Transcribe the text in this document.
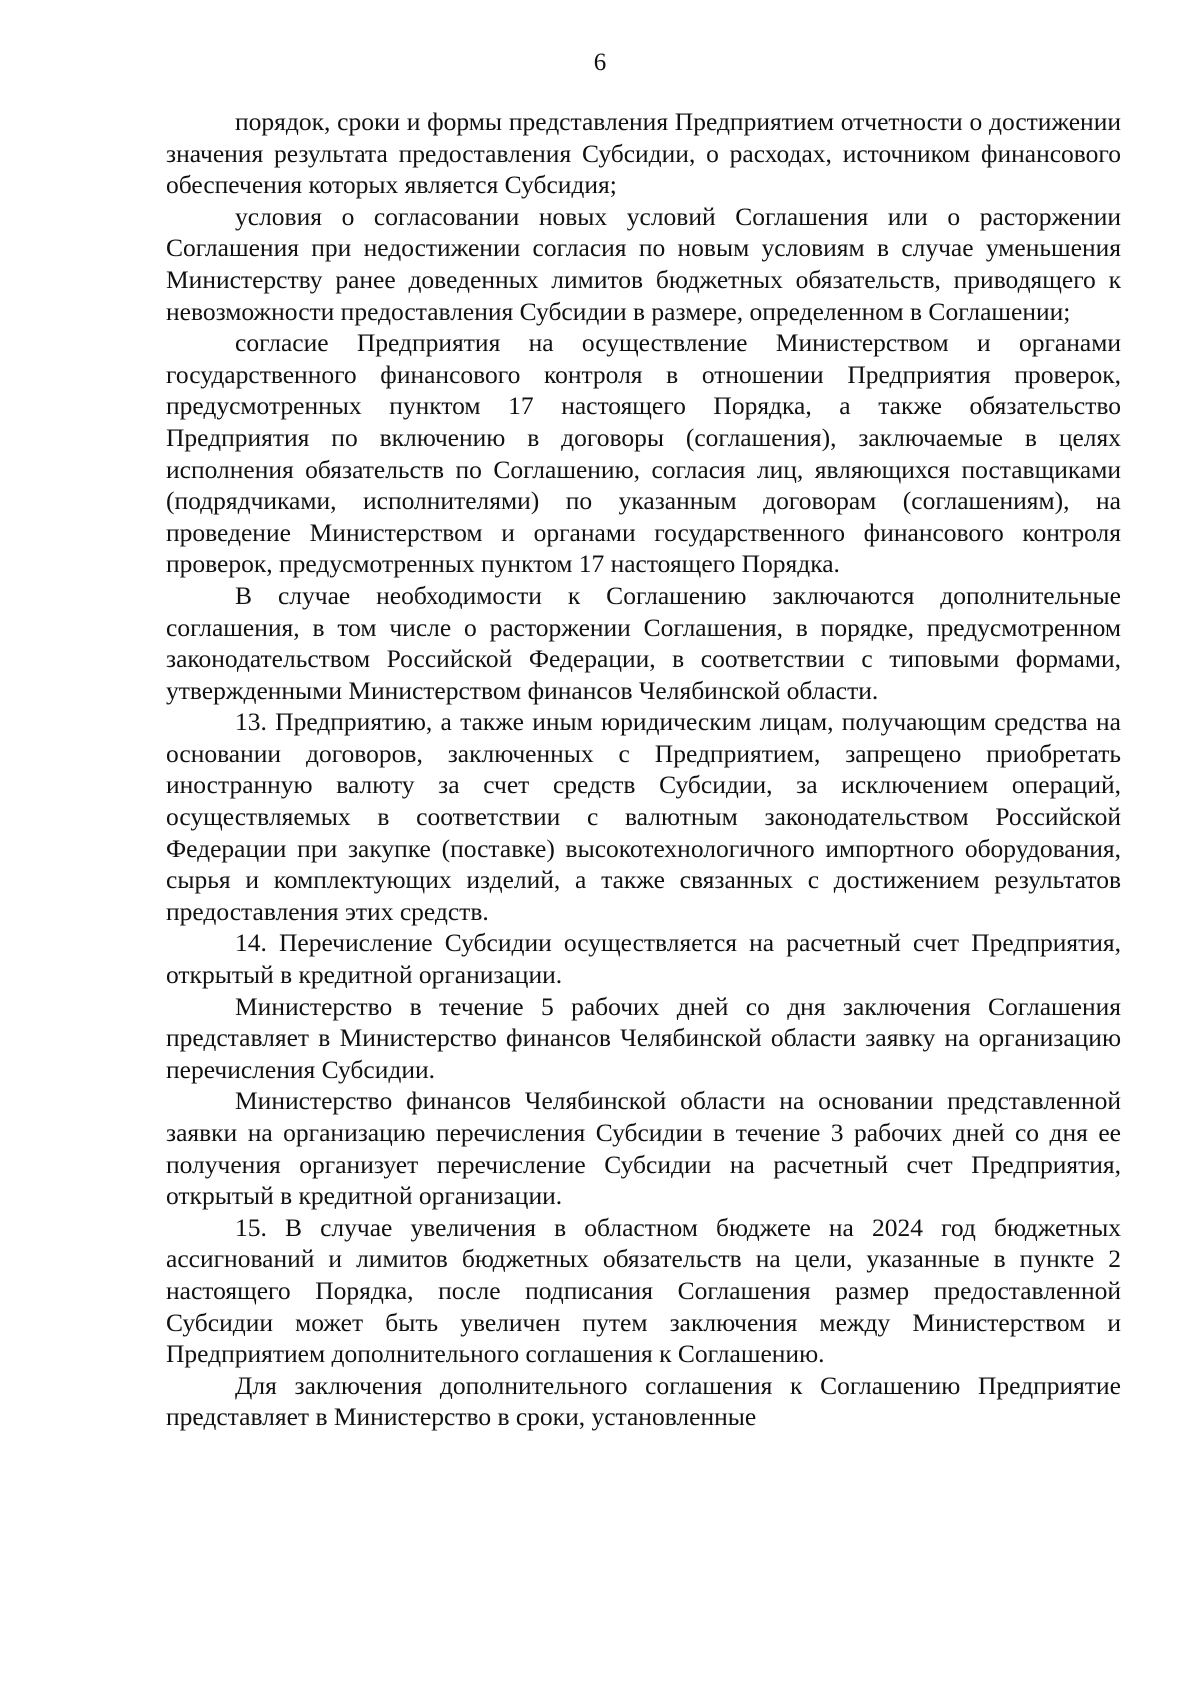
6

порядок, сроки и формы представления Предприятием отчетности о достижении значения результата предоставления Субсидии, о расходах, источником финансового обеспечения которых является Субсидия;

условия о согласовании новых условий Соглашения или о расторжении Соглашения при недостижении согласия по новым условиям в случае уменьшения Министерству ранее доведенных лимитов бюджетных обязательств, приводящего к невозможности предоставления Субсидии в размере, определенном в Соглашении;

согласие Предприятия на осуществление Министерством и органами государственного финансового контроля в отношении Предприятия проверок, предусмотренных пунктом 17 настоящего Порядка, а также обязательство Предприятия по включению в договоры (соглашения), заключаемые в целях исполнения обязательств по Соглашению, согласия лиц, являющихся поставщиками (подрядчиками, исполнителями) по указанным договорам (соглашениям), на проведение Министерством и органами государственного финансового контроля проверок, предусмотренных пунктом 17 настоящего Порядка.

В случае необходимости к Соглашению заключаются дополнительные соглашения, в том числе о расторжении Соглашения, в порядке, предусмотренном законодательством Российской Федерации, в соответствии с типовыми формами, утвержденными Министерством финансов Челябинской области.

13. Предприятию, а также иным юридическим лицам, получающим средства на основании договоров, заключенных с Предприятием, запрещено приобретать иностранную валюту за счет средств Субсидии, за исключением операций, осуществляемых в соответствии с валютным законодательством Российской Федерации при закупке (поставке) высокотехнологичного импортного оборудования, сырья и комплектующих изделий, а также связанных с достижением результатов предоставления этих средств.

14. Перечисление Субсидии осуществляется на расчетный счет Предприятия, открытый в кредитной организации.

Министерство в течение 5 рабочих дней со дня заключения Соглашения представляет в Министерство финансов Челябинской области заявку на организацию перечисления Субсидии.

Министерство финансов Челябинской области на основании представленной заявки на организацию перечисления Субсидии в течение 3 рабочих дней со дня ее получения организует перечисление Субсидии на расчетный счет Предприятия, открытый в кредитной организации.

15. В случае увеличения в областном бюджете на 2024 год бюджетных ассигнований и лимитов бюджетных обязательств на цели, указанные в пункте 2 настоящего Порядка, после подписания Соглашения размер предоставленной Субсидии может быть увеличен путем заключения между Министерством и Предприятием дополнительного соглашения к Соглашению.

Для заключения дополнительного соглашения к Соглашению Предприятие представляет в Министерство в сроки, установленные
